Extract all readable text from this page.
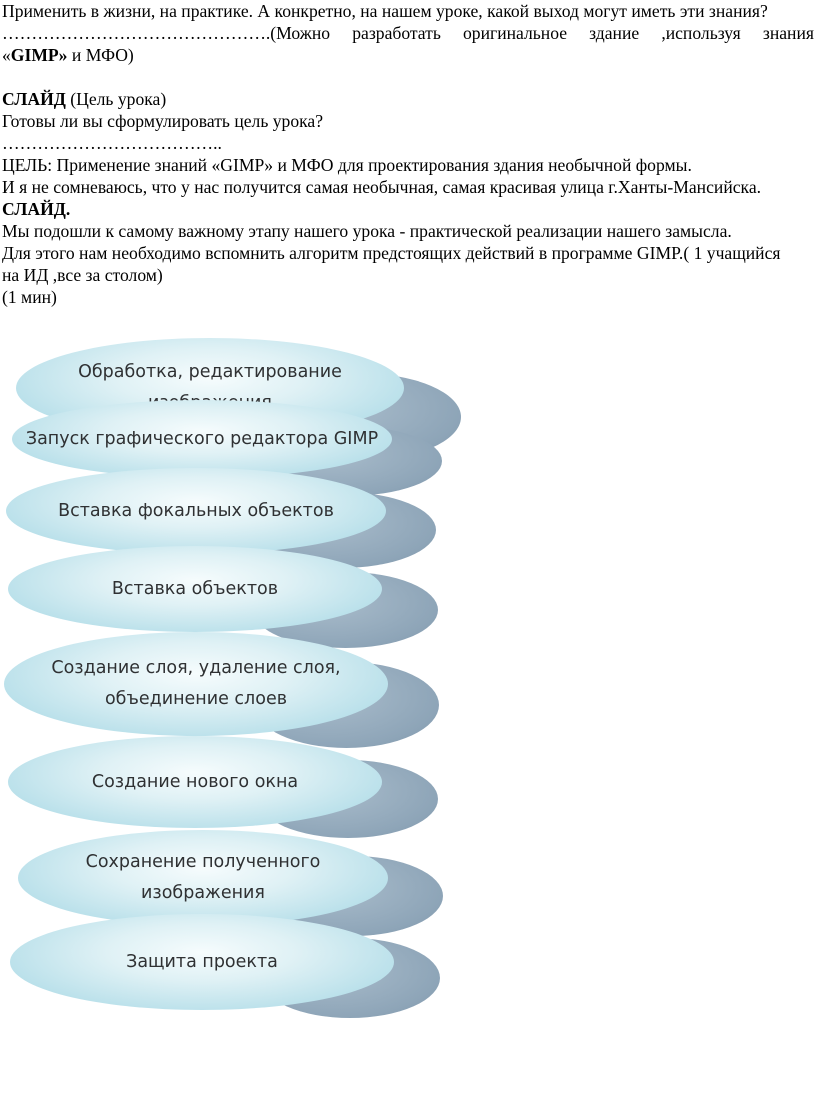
Применить в жизни, на практике. А конкретно, на нашем уроке, какой выход могут иметь эти знания?
……………………………………….(Можно разработать оригинальное здание ,используя знания
«GIMP» и МФО)
СЛАЙД (Цель урока)
Готовы ли вы сформулировать цель урока?
………………………………..
ЦЕЛЬ: Применение знаний «GIMP» и МФО для проектирования здания необычной формы.
И я не сомневаюсь, что у нас получится самая необычная, самая красивая улица г.Ханты-Мансийска.
СЛАЙД.
Мы подошли к самому важному этапу нашего урока - практической реализации нашего замысла.
Для этого нам необходимо вспомнить алгоритм предстоящих действий в программе GIMP.( 1 учащийся
на ИД ,все за столом)
(1 мин)
Обработка, редактирование
Запуск графического редактора GIMP
Вставка фокальных объектов
Вставка объектов
Создание слоя, удаление слоя,
объединение слоев
Создание нового окна
Сохранение полученного
изображения
Защита проекта
